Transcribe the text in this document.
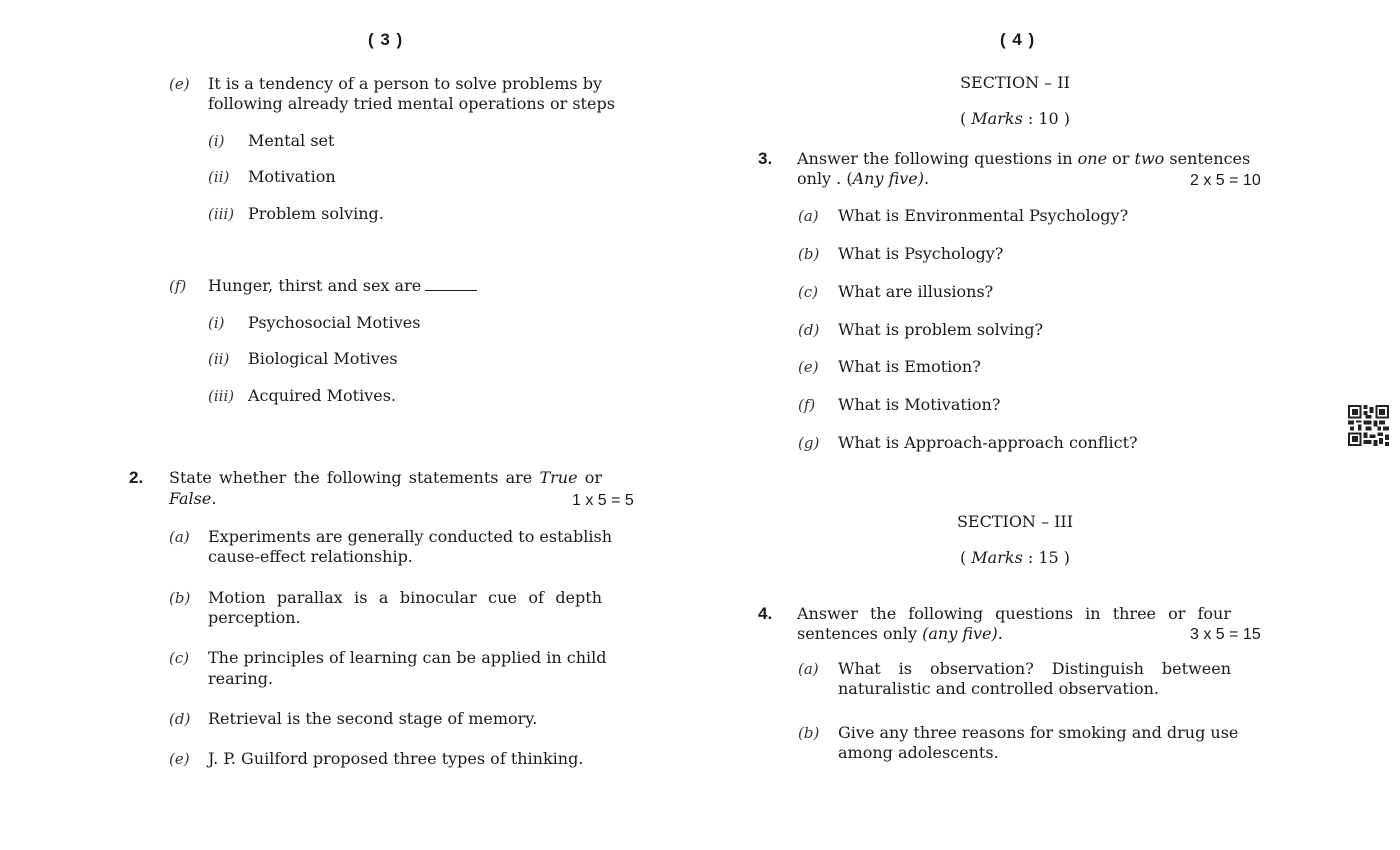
( 3 )
(e) It is a tendency of a person to solve problems by
following already tried mental operations or steps
(i) Mental set
(ii) Motivation
(iii) Problem solving.
(f) Hunger, thirst and sex are
(i) Psychosocial Motives
(ii) Biological Motives
(iii) Acquired Motives.
2. State whether the following statements are True or
False.	1 x 5 = 5
(a) Experiments are generally conducted to establish
cause-effect relationship.
(b) Motion parallax is a binocular cue of depth
perception.
(c) The principles of learning can be applied in child
rearing.
(d) Retrieval is the second stage of memory.
(e) J. P. Guilford proposed three types of thinking.
( 4 )
SECTION – II
( Marks : 10 )
3. Answer the following questions in one or two sentences
only . (Any five).	2 x 5 = 10
(a) What is Environmental Psychology?
(b) What is Psychology?
(c) What are illusions?
(d) What is problem solving?
(e) What is Emotion?
(f) What is Motivation?
(g) What is Approach-approach conflict?
SECTION – III
( Marks : 15 )
4. Answer the following questions in three or four
sentences only (any five).	3 x 5 = 15
(a) What is observation? Distinguish between
naturalistic and controlled observation.
(b) Give any three reasons for smoking and drug use
among adolescents.
